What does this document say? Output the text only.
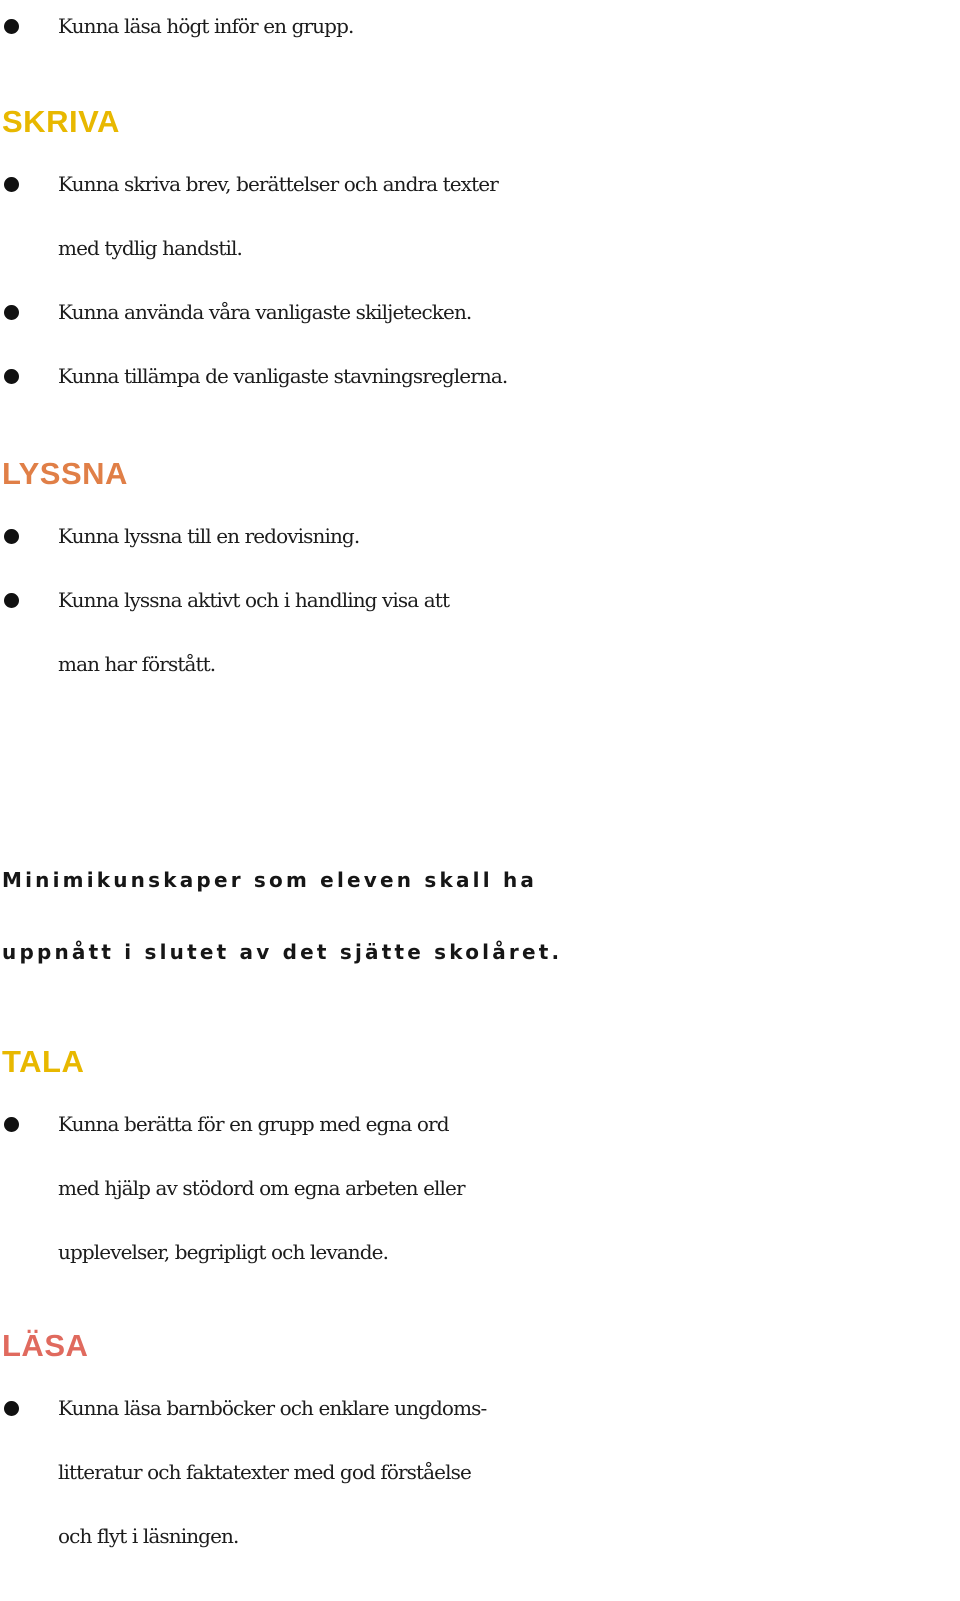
Kunna läsa högt inför en grupp.
SKRIVA
Kunna skriva brev, berättelser och andra texter
med tydlig handstil.
Kunna använda våra vanligaste skiljetecken.
Kunna tillämpa de vanligaste stavningsreglerna.
LYSSNA
Kunna lyssna till en redovisning.
Kunna lyssna aktivt och i handling visa att
man har förstått.
Minimikunskaper som eleven skall ha
uppnått i slutet av det sjätte skolåret.
TALA
Kunna berätta för en grupp med egna ord
med hjälp av stödord om egna arbeten eller
upplevelser, begripligt och levande.
LÄSA
Kunna läsa barnböcker och enklare ungdoms-
litteratur och faktatexter med god förståelse
och flyt i läsningen.
